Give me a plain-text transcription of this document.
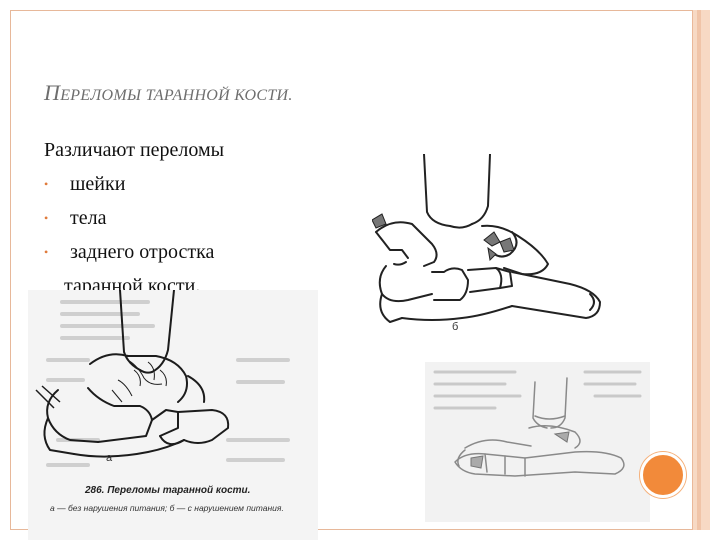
ПЕРЕЛОМЫ ТАРАННОЙ КОСТИ.
Различают переломы
• шейки
• тела
• заднего отростка
таранной кости.
б
а
286. Переломы таранной кости.
а — без нарушения питания; б — с нарушением питания.
